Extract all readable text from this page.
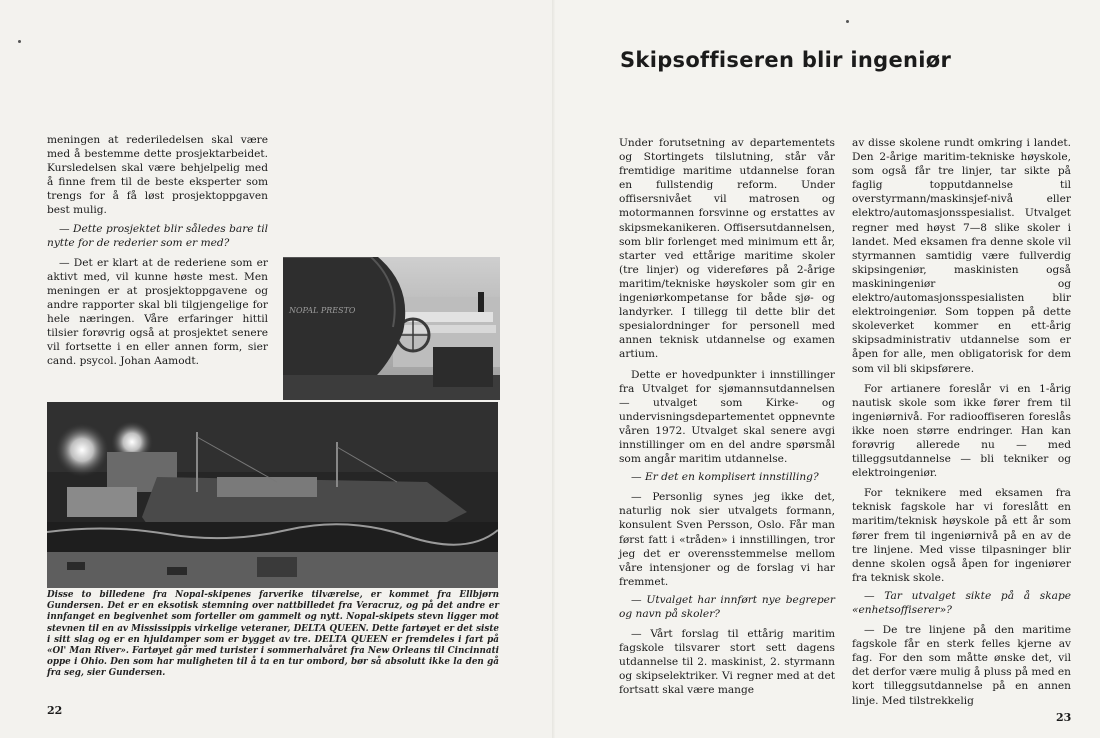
meningen at rederiledelsen skal være med å bestemme dette prosjektarbeidet. Kursledelsen skal være behjelpelig med å finne frem til de beste eksperter som trengs for å få løst prosjektoppgaven best mulig.

— Dette prosjektet blir således bare til nytte for de rederier som er med?

— Det er klart at de rederiene som er aktivt med, vil kunne høste mest. Men meningen er at prosjektoppgavene og andre rapporter skal bli tilgjengelige for hele næringen. Våre erfaringer hittil tilsier forøvrig også at prosjektet senere vil fortsette i en eller annen form, sier cand. psycol. Johan Aamodt.

NOPAL PRESTO
Disse to billedene fra Nopal-skipenes farverike tilværelse, er kommet fra Ellbjørn Gundersen. Det er en eksotisk stemning over nattbilledet fra Veracruz, og på det andre er innfanget en begivenhet som forteller om gammelt og nytt. Nopal-skipets stevn ligger mot stevnen til en av Mississippis virkelige veteraner, DELTA QUEEN. Dette fartøyet er det siste i sitt slag og er en hjuldamper som er bygget av tre. DELTA QUEEN er fremdeles i fart på «Ol' Man River». Fartøyet går med turister i sommerhalvåret fra New Orleans til Cincinnati oppe i Ohio. Den som har muligheten til å ta en tur ombord, bør så absolutt ikke la den gå fra seg, sier Gundersen.
22
Skipsoffiseren blir ingeniør

Under forutsetning av departementets og Stortingets tilslutning, står vår fremtidige maritime utdannelse foran en fullstendig reform. Under offisersnivået vil matrosen og motormannen forsvinne og erstattes av skipsmekanikeren. Offisersutdannelsen, som blir forlenget med minimum ett år, starter ved ettårige maritime skoler (tre linjer) og videreføres på 2-årige maritim/tekniske høyskoler som gir en ingeniørkompetanse for både sjø- og landyrker. I tillegg til dette blir det spesialordninger for personell med annen teknisk utdannelse og examen artium.

Dette er hovedpunkter i innstillinger fra Utvalget for sjømannsutdannelsen — utvalget som Kirke- og undervisningsdepartementet oppnevnte våren 1972. Utvalget skal senere avgi innstillinger om en del andre spørsmål som angår maritim utdannelse.

— Er det en komplisert innstilling?

— Personlig synes jeg ikke det, naturlig nok sier utvalgets formann, konsulent Sven Persson, Oslo. Får man først fatt i «tråden» i innstillingen, tror jeg det er overensstemmelse mellom våre intensjoner og de forslag vi har fremmet.

— Utvalget har innført nye begreper og navn på skoler?

— Vårt forslag til ettårig maritim fagskole tilsvarer stort sett dagens utdannelse til 2. maskinist, 2. styrmann og skipselektriker. Vi regner med at det fortsatt skal være mange

av disse skolene rundt omkring i landet. Den 2-årige maritim-tekniske høyskole, som også får tre linjer, tar sikte på faglig topputdannelse til overstyrmann/maskinsjef-nivå eller elektro/automasjonsspesialist. Utvalget regner med høyst 7—8 slike skoler i landet. Med eksamen fra denne skole vil styrmannen samtidig være fullverdig skipsingeniør, maskinisten også maskiningeniør og elektro/automasjonsspesialisten blir elektroingeniør. Som toppen på dette skoleverket kommer en ett-årig skipsadministrativ utdannelse som er åpen for alle, men obligatorisk for dem som vil bli skipsførere.

For artianere foreslår vi en 1-årig nautisk skole som ikke fører frem til ingeniørnivå. For radiooffiseren foreslås ikke noen større endringer. Han kan forøvrig allerede nu — med tilleggsutdannelse — bli tekniker og elektroingeniør.

For teknikere med eksamen fra teknisk fagskole har vi foreslått en maritim/teknisk høyskole på ett år som fører frem til ingeniørnivå på en av de tre linjene. Med visse tilpasninger blir denne skolen også åpen for ingeniører fra teknisk skole.

— Tar utvalget sikte på å skape «enhetsoffiserer»?

— De tre linjene på den maritime fagskole får en sterk felles kjerne av fag. For den som måtte ønske det, vil det derfor være mulig å pluss på med en kort tilleggsutdannelse på en annen linje. Med tilstrekkelig

23
